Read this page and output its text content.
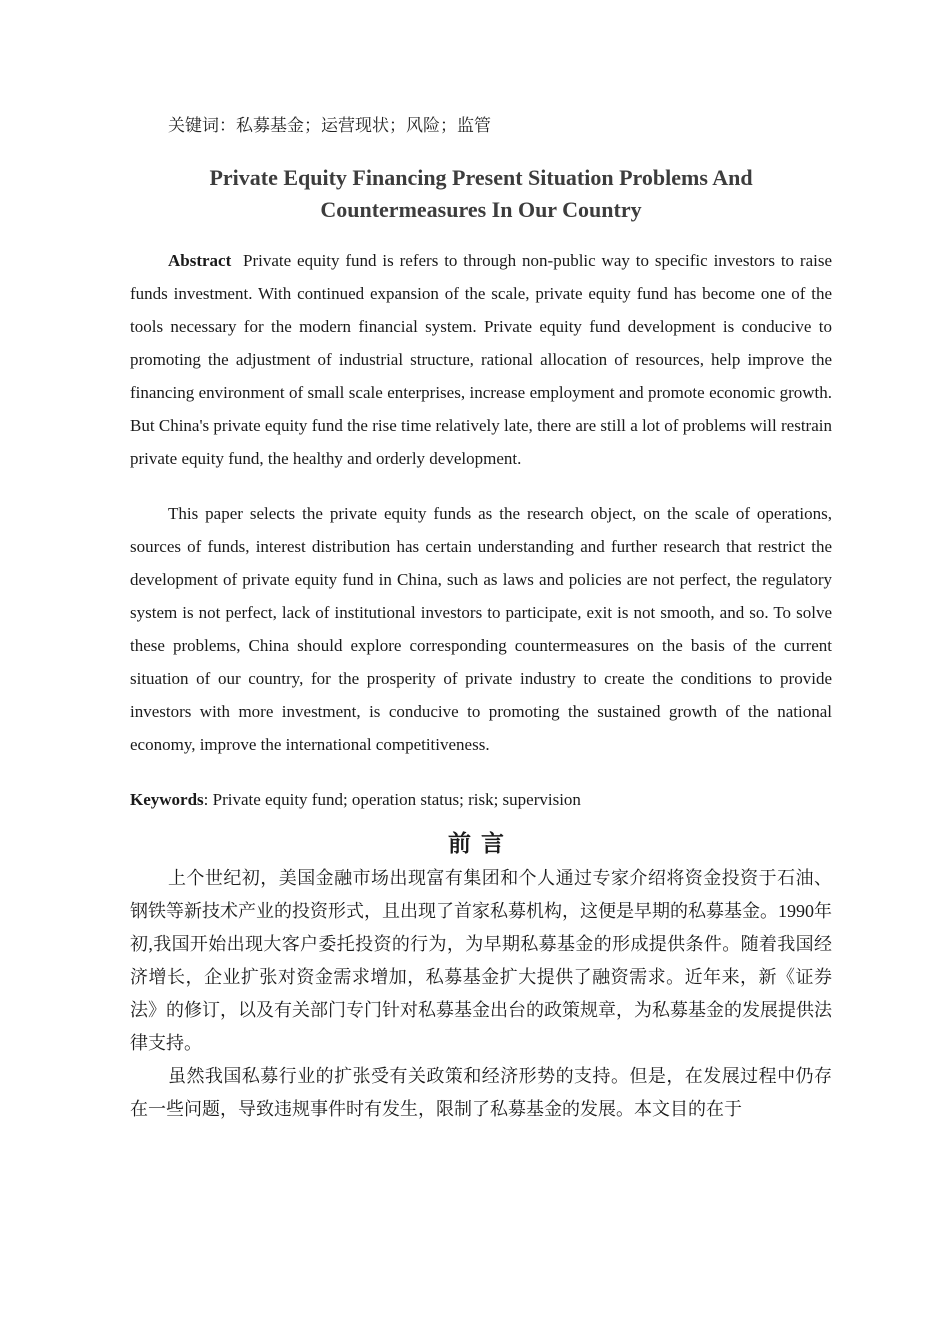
关键词：私募基金；运营现状；风险；监管

Private Equity Financing Present Situation Problems And Countermeasures In Our Country

Abstract Private equity fund is refers to through non-public way to specific investors to raise funds investment. With continued expansion of the scale, private equity fund has become one of the tools necessary for the modern financial system. Private equity fund development is conducive to promoting the adjustment of industrial structure, rational allocation of resources, help improve the financing environment of small scale enterprises, increase employment and promote economic growth. But China's private equity fund the rise time relatively late, there are still a lot of problems will restrain private equity fund, the healthy and orderly development.

This paper selects the private equity funds as the research object, on the scale of operations, sources of funds, interest distribution has certain understanding and further research that restrict the development of private equity fund in China, such as laws and policies are not perfect, the regulatory system is not perfect, lack of institutional investors to participate, exit is not smooth, and so. To solve these problems, China should explore corresponding countermeasures on the basis of the current situation of our country, for the prosperity of private industry to create the conditions to provide investors with more investment, is conducive to promoting the sustained growth of the national economy, improve the international competitiveness.

Keywords: Private equity fund; operation status; risk; supervision

前言

上个世纪初，美国金融市场出现富有集团和个人通过专家介绍将资金投资于石油、钢铁等新技术产业的投资形式，且出现了首家私募机构，这便是早期的私募基金。1990年初,我国开始出现大客户委托投资的行为，为早期私募基金的形成提供条件。随着我国经济增长，企业扩张对资金需求增加，私募基金扩大提供了融资需求。近年来，新《证券法》的修订，以及有关部门专门针对私募基金出台的政策规章，为私募基金的发展提供法律支持。

虽然我国私募行业的扩张受有关政策和经济形势的支持。但是，在发展过程中仍存在一些问题，导致违规事件时有发生，限制了私募基金的发展。本文目的在于
